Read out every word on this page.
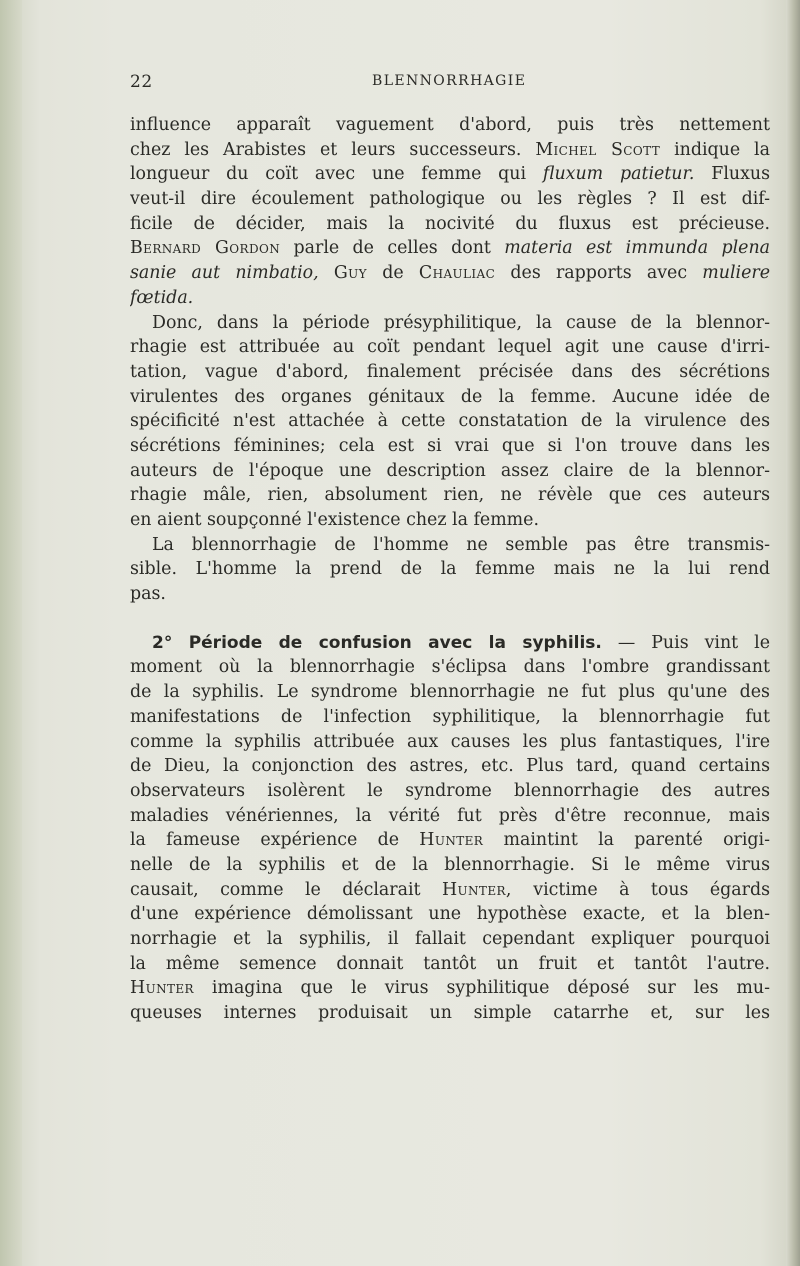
22	BLENNORRHAGIE
influence apparaît vaguement d'abord, puis très nettement
chez les Arabistes et leurs successeurs. Michel Scott indique la
longueur du coït avec une femme qui fluxum patietur. Fluxus
veut-il dire écoulement pathologique ou les règles ? Il est dif-
ficile de décider, mais la nocivité du fluxus est précieuse.
Bernard Gordon parle de celles dont materia est immunda plena
sanie aut nimbatio, Guy de Chauliac des rapports avec muliere
fœtida.
Donc, dans la période présyphilitique, la cause de la blennor-
rhagie est attribuée au coït pendant lequel agit une cause d'irri-
tation, vague d'abord, finalement précisée dans des sécrétions
virulentes des organes génitaux de la femme. Aucune idée de
spécificité n'est attachée à cette constatation de la virulence des
sécrétions féminines; cela est si vrai que si l'on trouve dans les
auteurs de l'époque une description assez claire de la blennor-
rhagie mâle, rien, absolument rien, ne révèle que ces auteurs
en aient soupçonné l'existence chez la femme.
La blennorrhagie de l'homme ne semble pas être transmis-
sible. L'homme la prend de la femme mais ne la lui rend
pas.
2° Période de confusion avec la syphilis. — Puis vint le
moment où la blennorrhagie s'éclipsa dans l'ombre grandissant
de la syphilis. Le syndrome blennorrhagie ne fut plus qu'une des
manifestations de l'infection syphilitique, la blennorrhagie fut
comme la syphilis attribuée aux causes les plus fantastiques, l'ire
de Dieu, la conjonction des astres, etc. Plus tard, quand certains
observateurs isolèrent le syndrome blennorrhagie des autres
maladies vénériennes, la vérité fut près d'être reconnue, mais
la fameuse expérience de Hunter maintint la parenté origi-
nelle de la syphilis et de la blennorrhagie. Si le même virus
causait, comme le déclarait Hunter, victime à tous égards
d'une expérience démolissant une hypothèse exacte, et la blen-
norrhagie et la syphilis, il fallait cependant expliquer pourquoi
la même semence donnait tantôt un fruit et tantôt l'autre.
Hunter imagina que le virus syphilitique déposé sur les mu-
queuses internes produisait un simple catarrhe et, sur les
